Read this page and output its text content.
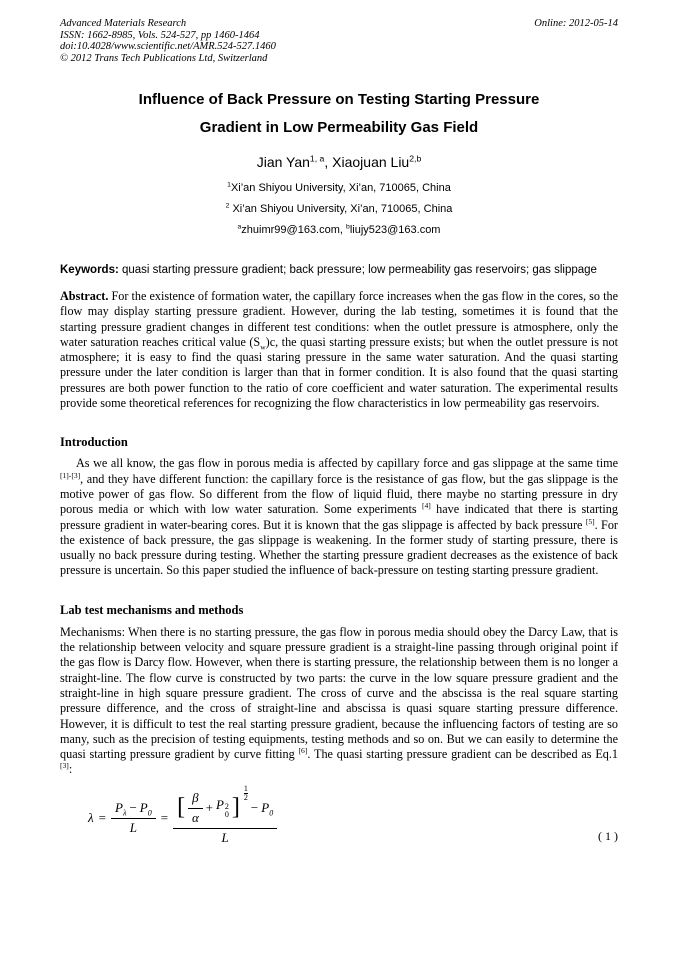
Advanced Materials Research
ISSN: 1662-8985, Vols. 524-527, pp 1460-1464
doi:10.4028/www.scientific.net/AMR.524-527.1460
© 2012 Trans Tech Publications Ltd, Switzerland
Online: 2012-05-14
Influence of Back Pressure on Testing Starting Pressure
Gradient in Low Permeability Gas Field
Jian Yan$^{1, a}$, Xiaojuan Liu$^{2,b}$
$^1$Xi’an Shiyou University, Xi’an, 710065, China
$^2$ Xi’an Shiyou University, Xi’an, 710065, China
$^a$zhuimr99@163.com, $^b$liujy523@163.com
Keywords: quasi starting pressure gradient; back pressure; low permeability gas reservoirs; gas slippage
Abstract. For the existence of formation water, the capillary force increases when the gas flow in the cores, so the flow may display starting pressure gradient. However, during the lab testing, sometimes it is found that the starting pressure gradient changes in different test conditions: when the outlet pressure is atmosphere, only the water saturation reaches critical value $(S_w)c$, the quasi starting pressure exists; but when the outlet pressure is not atmosphere; it is easy to find the quasi staring pressure in the same water saturation. And the quasi starting pressure under the later condition is larger than that in former condition. It is also found that the quasi starting pressures are both power function to the ratio of core coefficient and water saturation. The experimental results provide some theoretical references for recognizing the flow characteristics in low permeability gas reservoirs.
Introduction
As we all know, the gas flow in porous media is affected by capillary force and gas slippage at the same time [1]-[3], and they have different function: the capillary force is the resistance of gas flow, but the gas slippage is the motive power of gas flow. So different from the flow of liquid fluid, there maybe no starting pressure in dry porous media or which with low water saturation. Some experiments [4] have indicated that there is starting pressure gradient in water-bearing cores. But it is known that the gas slippage is affected by back pressure [5]. For the existence of back pressure, the gas slippage is weakening. In the former study of starting pressure, there is usually no back pressure during testing. Whether the starting pressure gradient decreases as the existence of back pressure is uncertain. So this paper studied the influence of back-pressure on testing starting pressure gradient.
Lab test mechanisms and methods
Mechanisms: When there is no starting pressure, the gas flow in porous media should obey the Darcy Law, that is the relationship between velocity and square pressure gradient is a straight-line passing through original point if the gas flow is Darcy flow. However, when there is starting pressure, the relationship between them is no longer a straight-line. The flow curve is constructed by two parts: the curve in the low square pressure gradient and the straight-line in high square pressure gradient. The cross of curve and the abscissa is the real square starting pressure difference, and the cross of straight-line and abscissa is quasi square starting pressure difference. However, it is difficult to test the real starting pressure gradient, because the influencing factors of testing are so many, such as the precision of testing equipments, testing methods and so on. But we can easily to determine the quasi starting pressure gradient by curve fitting [6]. The quasi starting pressure gradient can be described as Eq.1 [3]:
$\lambda = \frac{P_\lambda - P_0}{L}$ = [ $\frac{\beta}{\alpha} + P$ 2
0 ] $\frac{1}{2}$
− $P_0$
L	( 1 )
